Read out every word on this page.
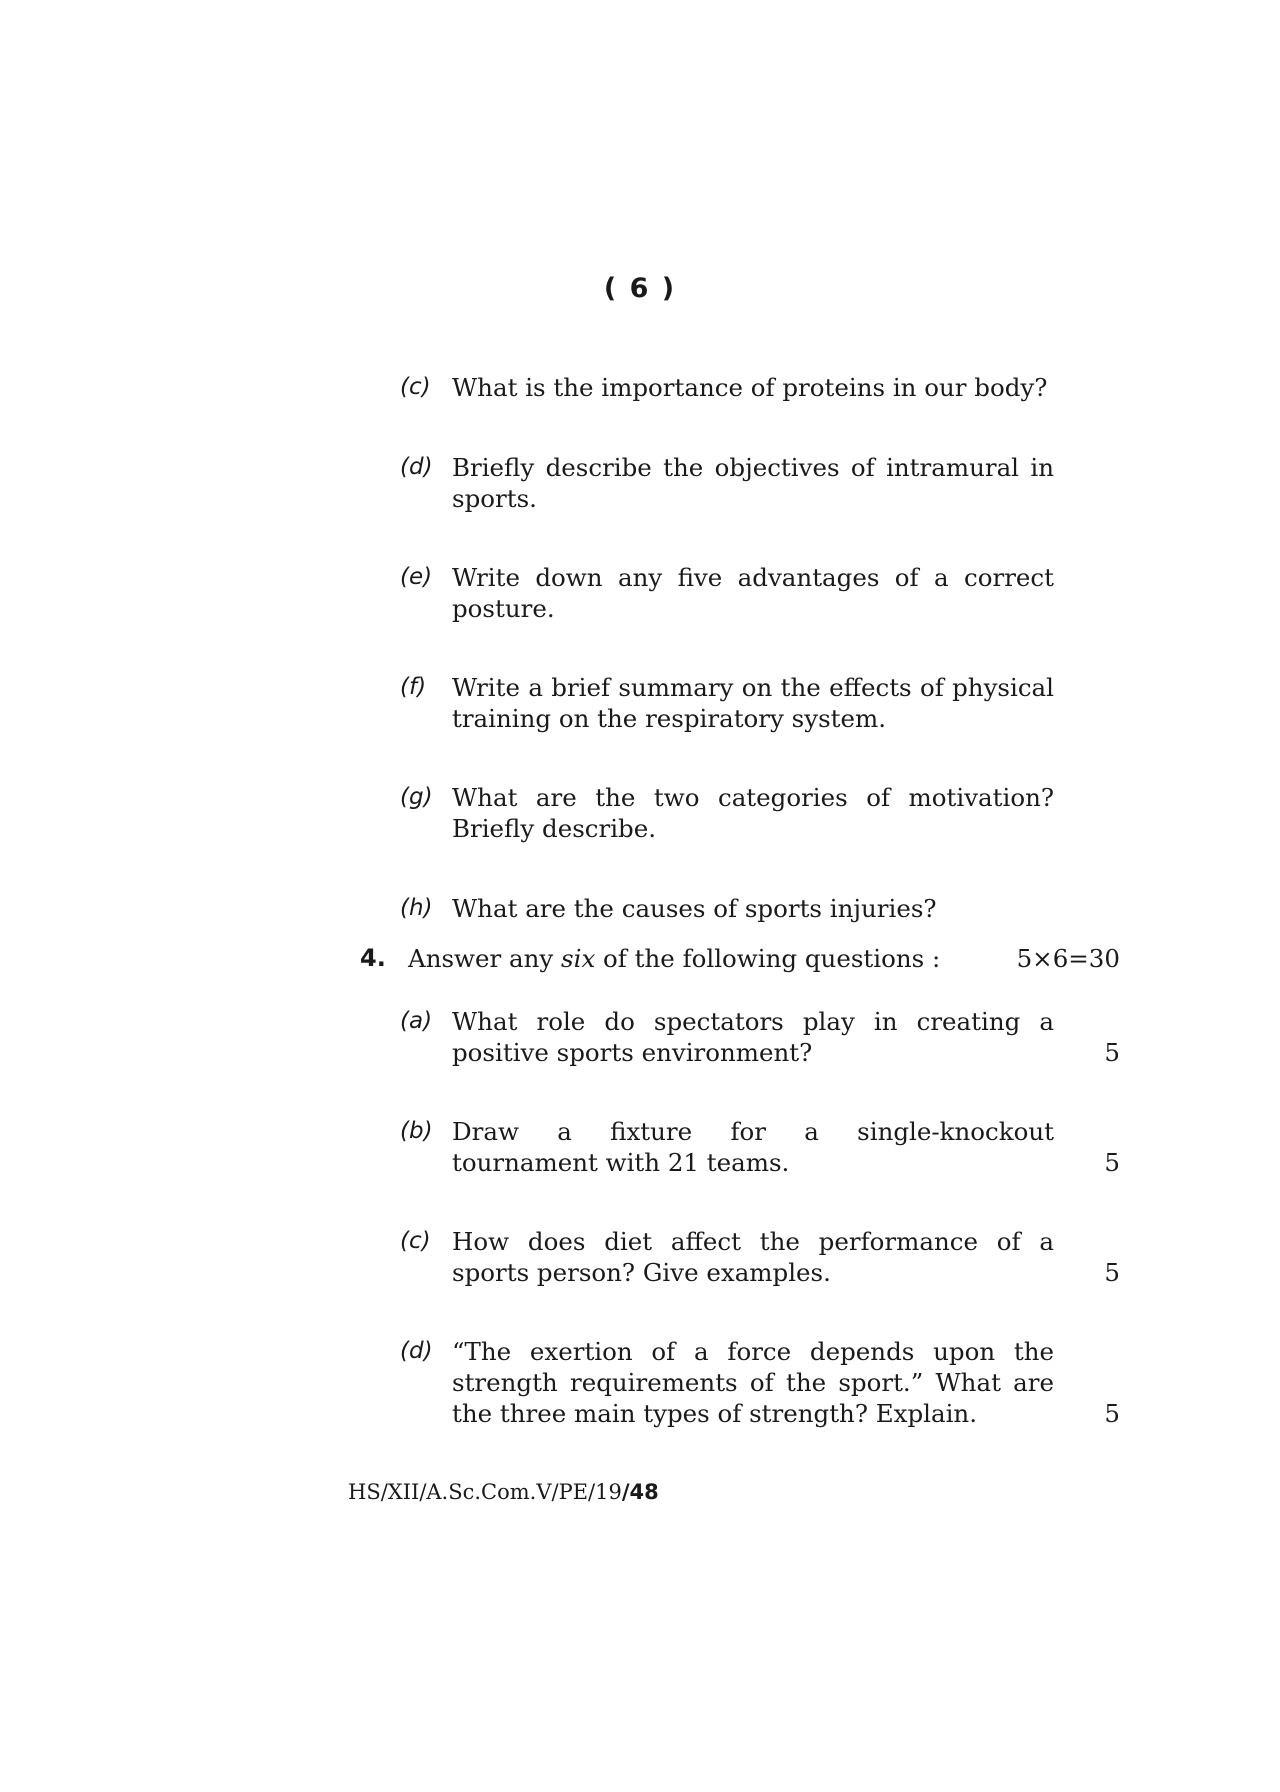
( 6 )
(c) What is the importance of proteins in our body?
(d) Briefly describe the objectives of intramural in sports.
(e) Write down any five advantages of a correct posture.
(f) Write a brief summary on the effects of physical training on the respiratory system.
(g) What are the two categories of motivation? Briefly describe.
(h) What are the causes of sports injuries?
4. Answer any six of the following questions :	5×6=30
(a) What role do spectators play in creating a positive sports environment?	5
(b) Draw a fixture for a single-knockout tournament with 21 teams.	5
(c) How does diet affect the performance of a sports person? Give examples.	5
(d) “The exertion of a force depends upon the strength requirements of the sport.” What are the three main types of strength? Explain.	5
HS/XII/A.Sc.Com.V/PE/19/48
